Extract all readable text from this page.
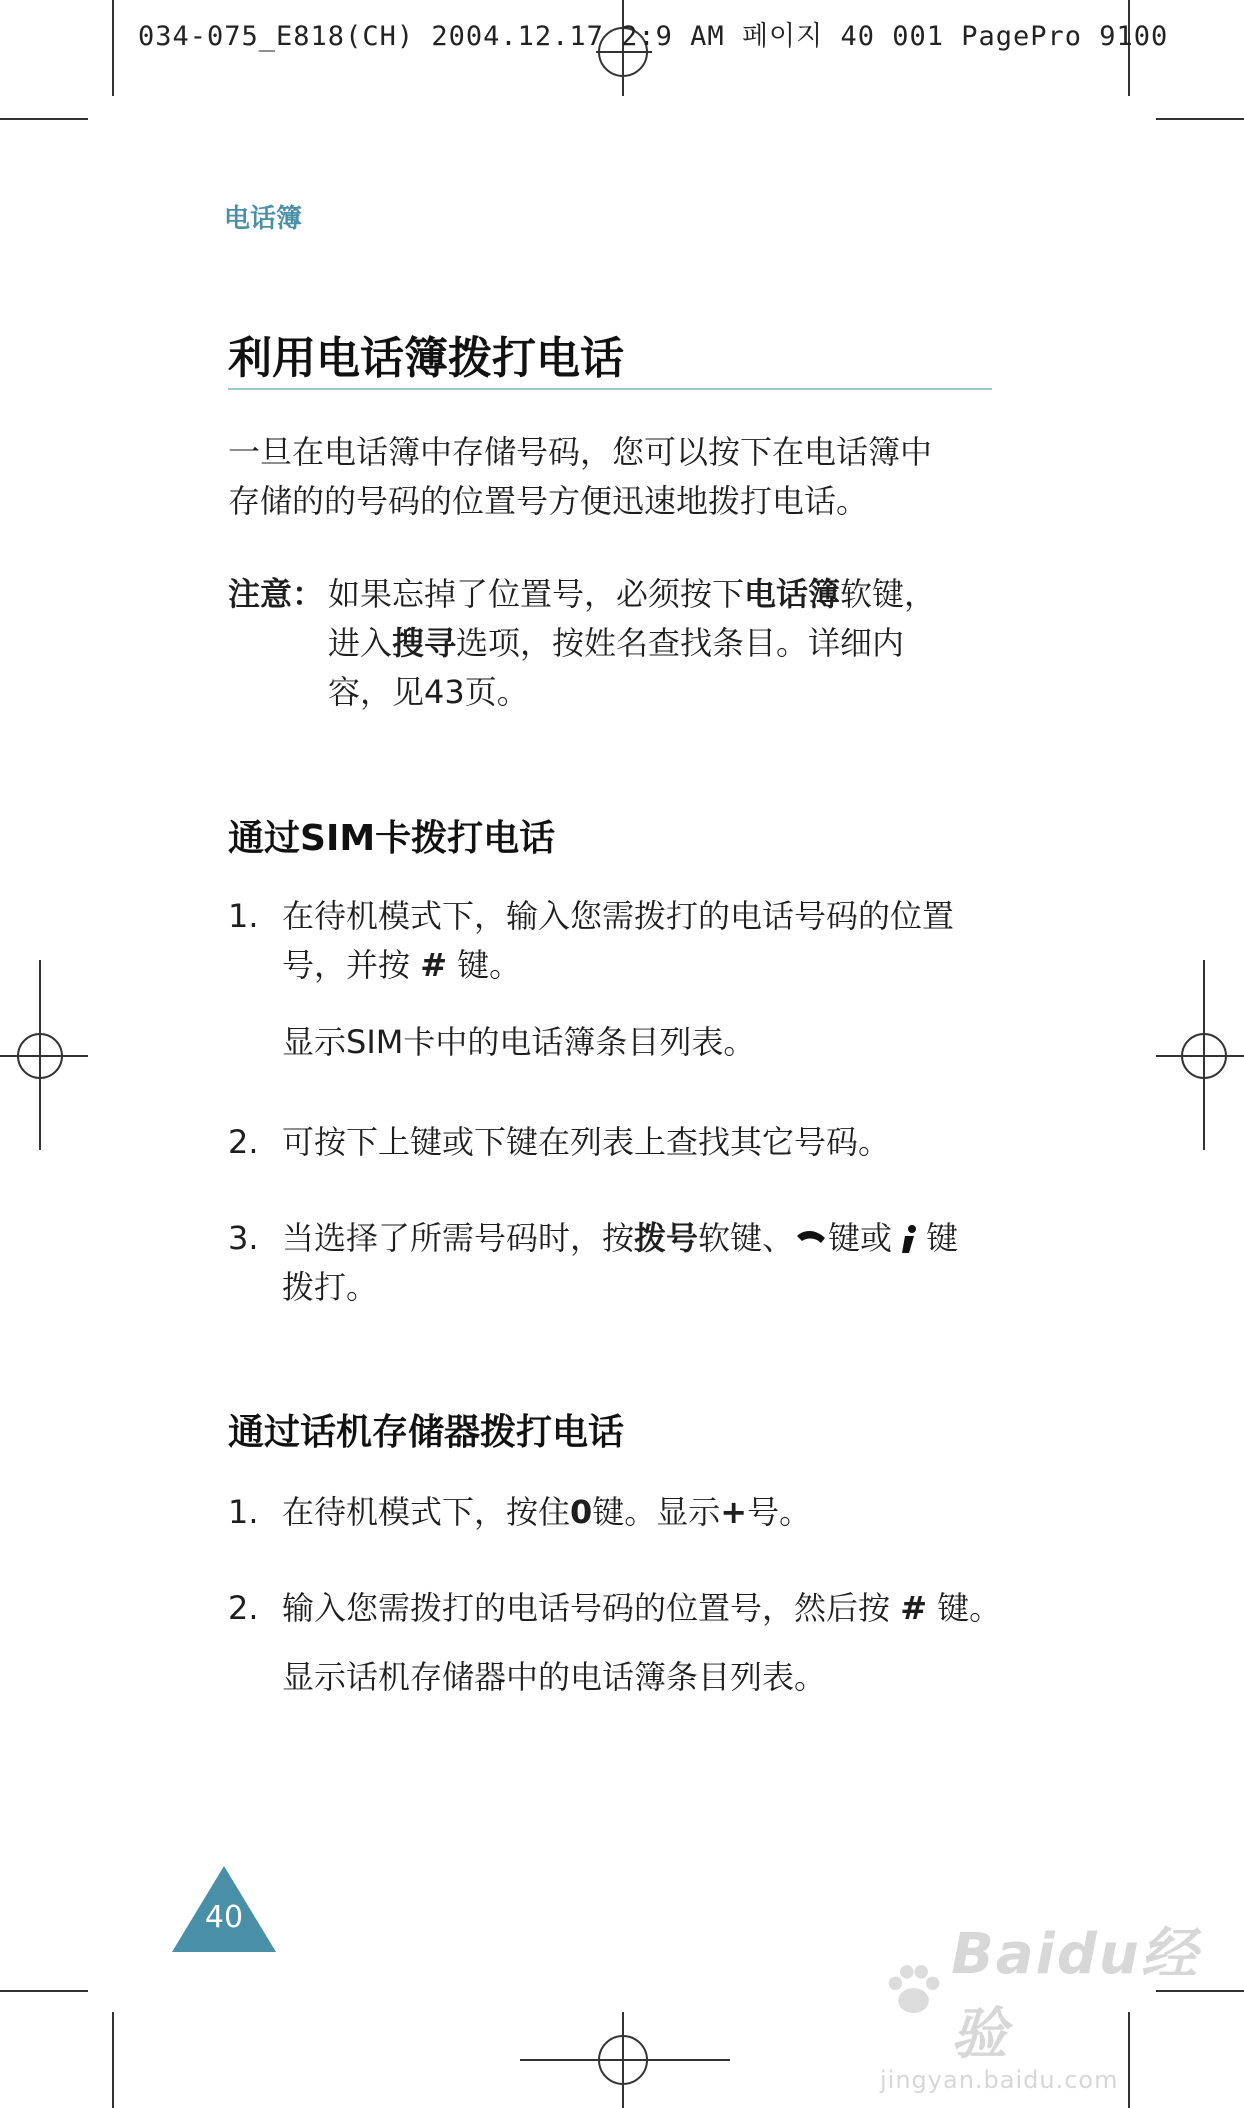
034-075_E818(CH) 2004.12.17 2:9 AM 페이지 40 001 PagePro 9100
电话簿
利用电话簿拨打电话
一旦在电话簿中存储号码，您可以按下在电话簿中
存储的的号码的位置号方便迅速地拨打电话。
注意： 如果忘掉了位置号，必须按下电话簿软键，
进入搜寻选项，按姓名查找条目。详细内
容，见43页。
通过SIM卡拨打电话
1. 在待机模式下，输入您需拨打的电话号码的位置
号，并按 # 键。
显示SIM卡中的电话簿条目列表。
2. 可按下上键或下键在列表上查找其它号码。
3. 当选择了所需号码时，按拨号软键、 键或 键
拨打。
通过话机存储器拨打电话
1. 在待机模式下，按住0键。显示+号。
2. 输入您需拨打的电话号码的位置号，然后按 # 键。
显示话机存储器中的电话簿条目列表。
40
Baidu经验
jingyan.baidu.com
